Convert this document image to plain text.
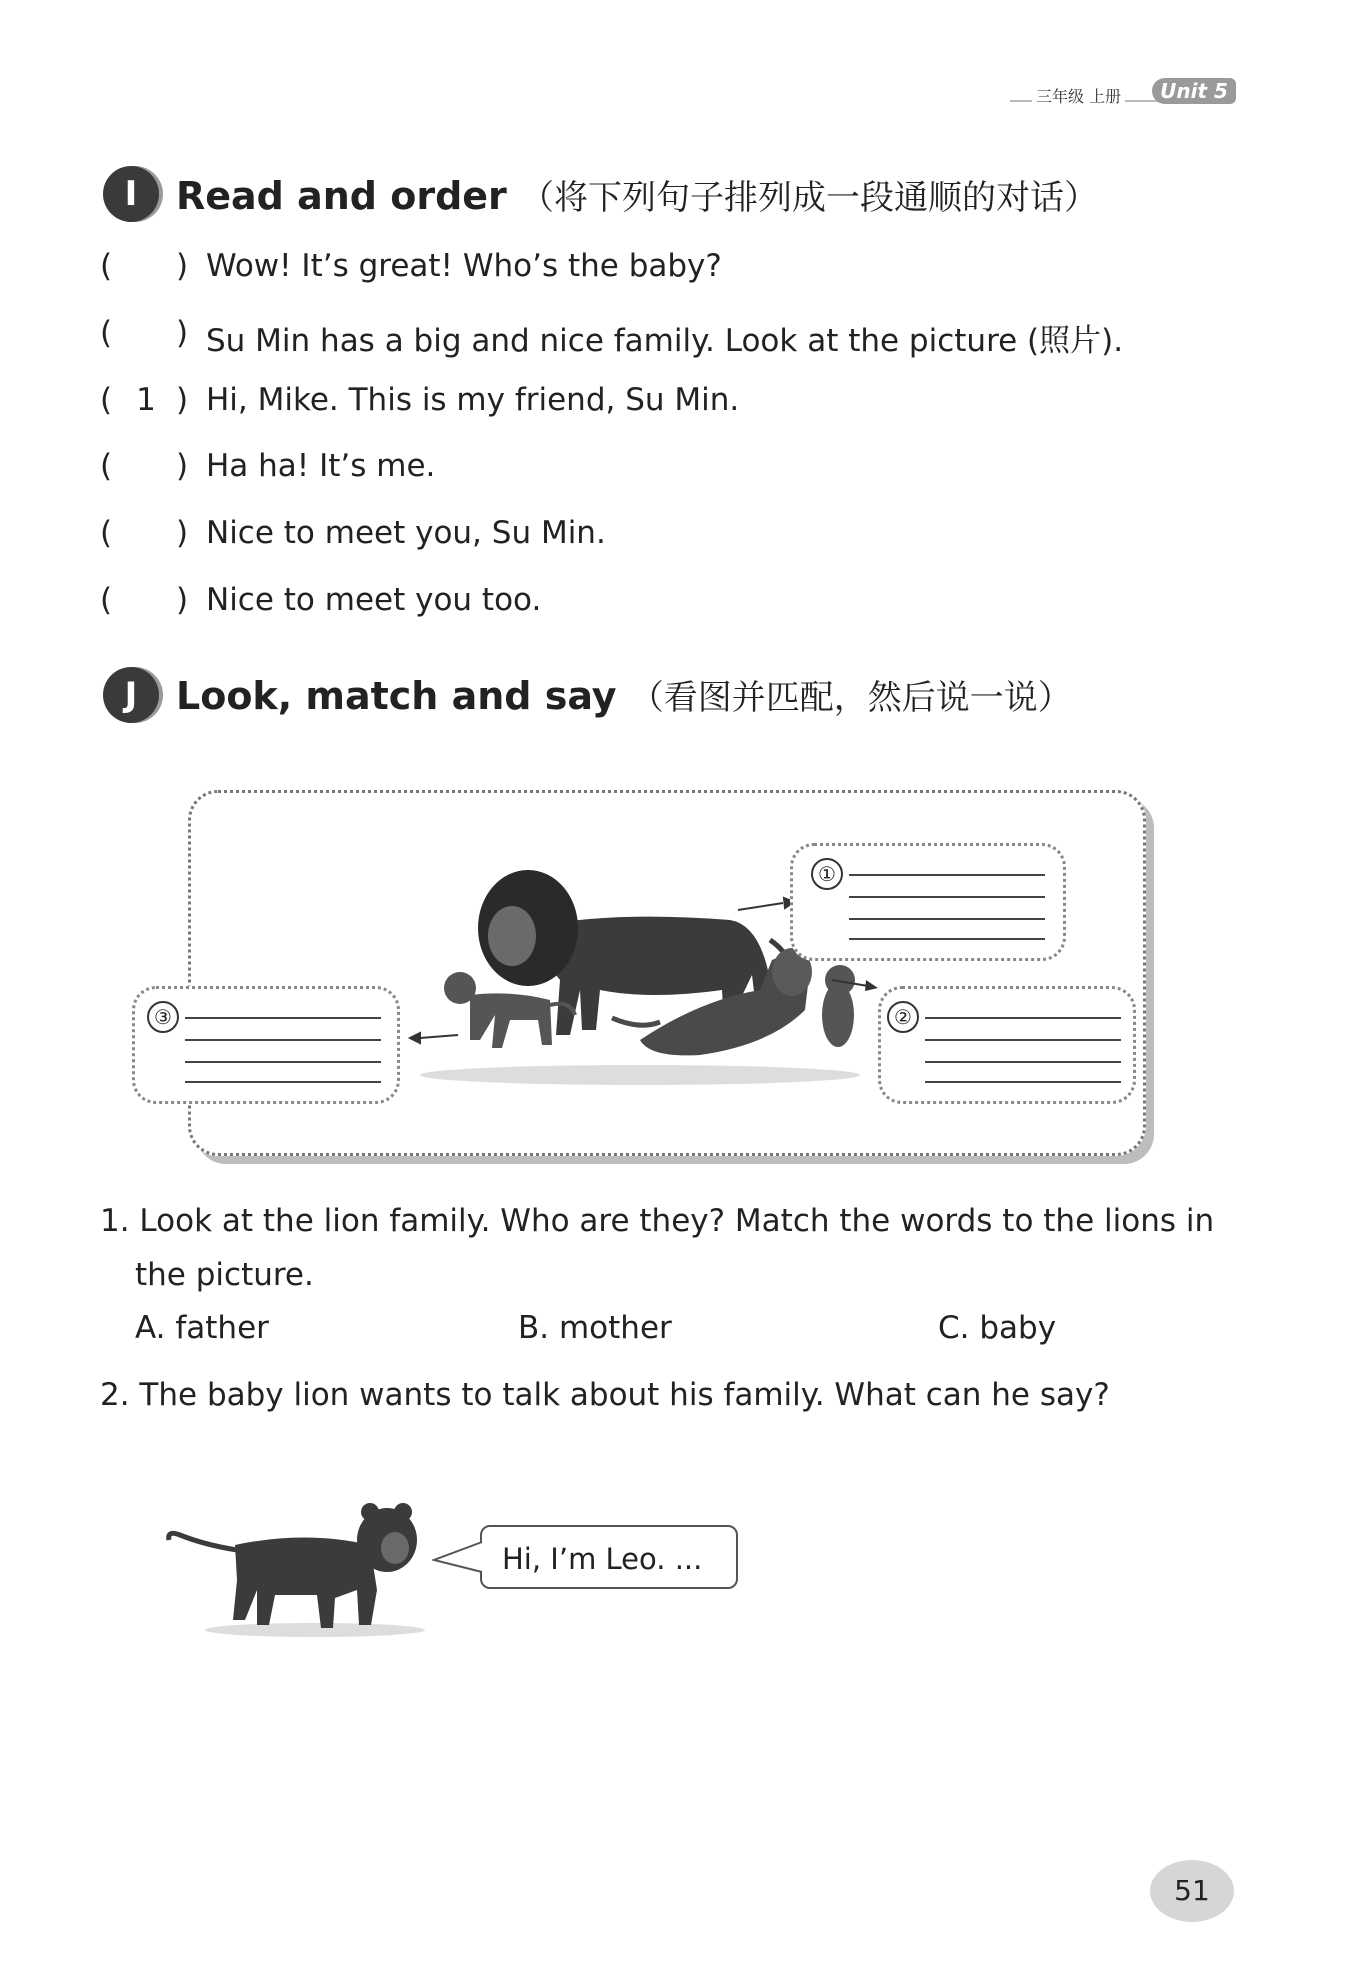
三年级 上册	Unit 5
I	Read and order （将下列句子排列成一段通顺的对话）
( ) Wow! It’s great! Who’s the baby?
( ) Su Min has a big and nice family. Look at the picture (照片).
( 1 ) Hi, Mike. This is my friend, Su Min.
( ) Ha ha! It’s me.
( ) Nice to meet you, Su Min.
( ) Nice to meet you too.
J	Look, match and say （看图并匹配，然后说一说）
①
②
③
1. Look at the lion family. Who are they? Match the words to the lions in
the picture.
A. father	B. mother	C. baby
2. The baby lion wants to talk about his family. What can he say?
Hi, I’m Leo. ...
51
